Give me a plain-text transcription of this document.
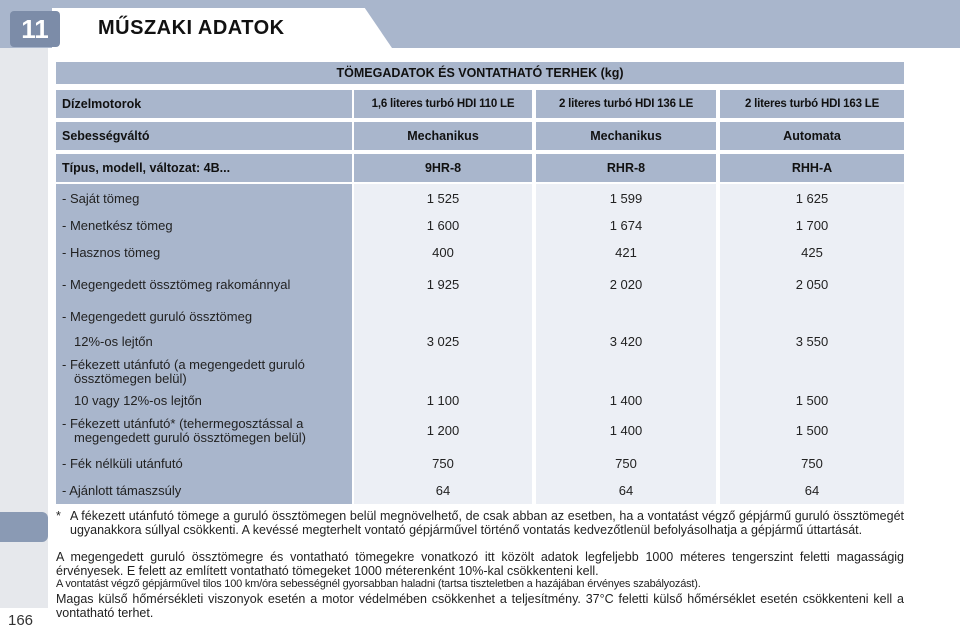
11	MŰSZAKI ADATOK
166
TÖMEGADATOK ÉS VONTATHATÓ TERHEK (kg)
Dízelmotorok	1,6 literes turbó HDI 110 LE	2 literes turbó HDI 136 LE	2 literes turbó HDI 163 LE
Sebességváltó	Mechanikus	Mechanikus	Automata
Típus, modell, változat: 4B...	9HR-8	RHR-8	RHH-A
- Saját tömeg	1 525	1 599	1 625
- Menetkész tömeg	1 600	1 674	1 700
- Hasznos tömeg	400	421	425
- Megengedett össztömeg rakománnyal	1 925	2 020	2 050
- Megengedett guruló össztömeg
12%-os lejtőn	3 025	3 420	3 550
- Fékezett utánfutó (a megengedett guruló össztömegen belül)
10 vagy 12%-os lejtőn	1 100	1 400	1 500
- Fékezett utánfutó* (tehermegosztással a megengedett guruló össztömegen belül)	1 200	1 400	1 500
- Fék nélküli utánfutó	750	750	750
- Ajánlott támaszsúly	64	64	64
* A fékezett utánfutó tömege a guruló össztömegen belül megnövelhető, de csak abban az esetben, ha a vontatást végző gépjármű guruló össztömegét ugyanakkora súllyal csökkenti. A kevéssé megterhelt vontató gépjárművel történő vontatás kedvezőtlenül befolyásolhatja a gépjármű úttartását.
A megengedett guruló össztömegre és vontatható tömegekre vonatkozó itt közölt adatok legfeljebb 1000 méteres tengerszint feletti magasságig érvényesek. E felett az említett vontatható tömegeket 1000 méterenként 10%-kal csökkenteni kell.
A vontatást végző gépjárművel tilos 100 km/óra sebességnél gyorsabban haladni (tartsa tiszteletben a hazájában érvényes szabályozást).
Magas külső hőmérsékleti viszonyok esetén a motor védelmében csökkenhet a teljesítmény. 37°C feletti külső hőmérséklet esetén csökkenteni kell a vontatható terhet.
